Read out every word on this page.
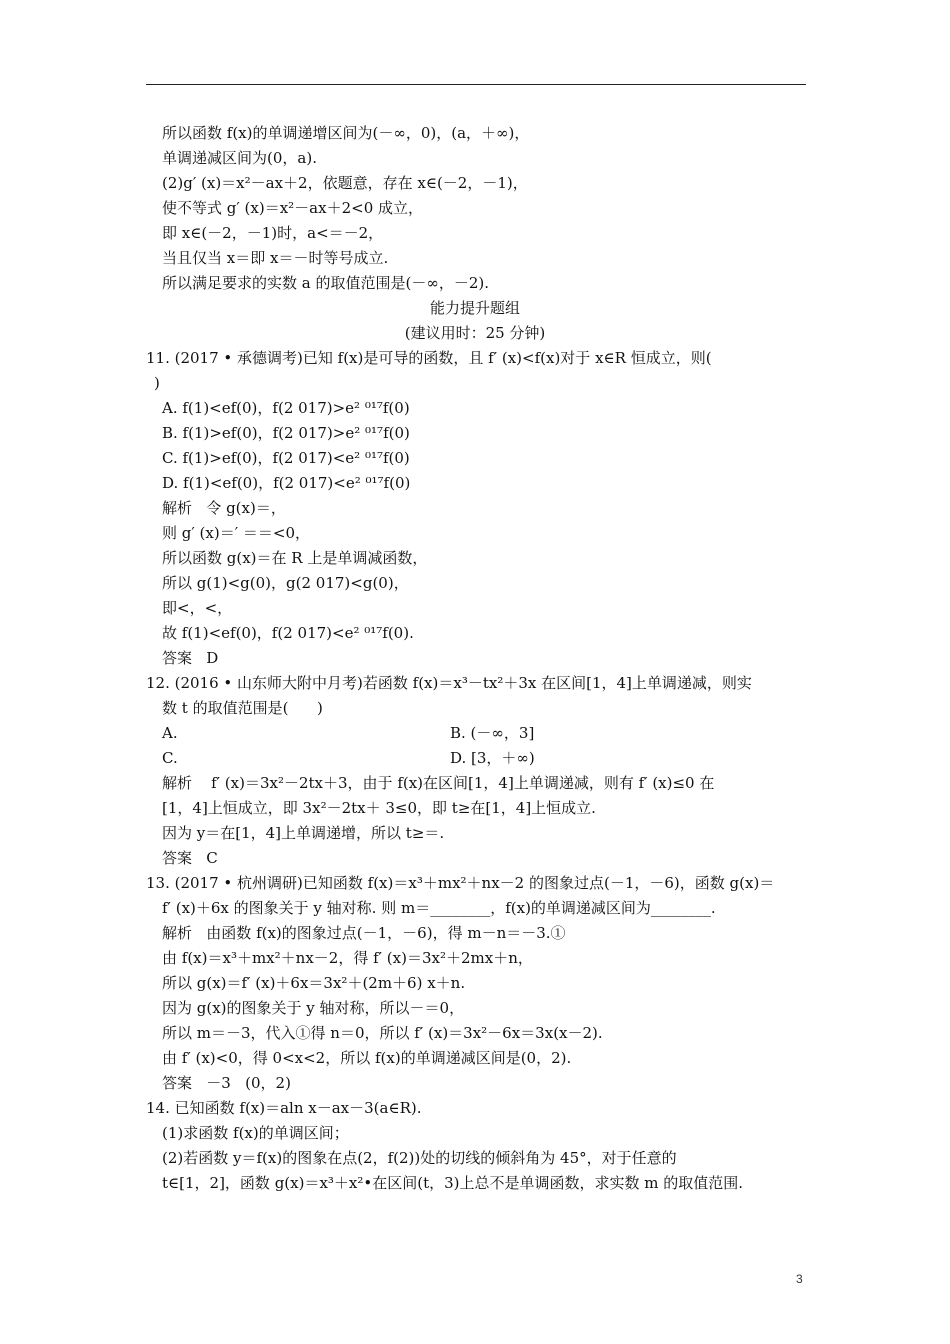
所以函数 f(x)的单调递增区间为(－∞，0)，(a，＋∞)，
单调递减区间为(0，a).
(2)g′ (x)＝x²－ax＋2，依题意，存在 x∈(－2，－1)，
使不等式 g′ (x)＝x²－ax＋2<0 成立，
即 x∈(－2，－1)时，a<＝－2，
当且仅当 x＝即 x＝－时等号成立.
所以满足要求的实数 a 的取值范围是(－∞，－2).
能力提升题组
(建议用时：25 分钟)
11. (2017 • 承德调考)已知 f(x)是可导的函数，且 f′ (x)<f(x)对于 x∈R 恒成立，则(
)
A. f(1)<ef(0)，f(2 017)>e² ⁰¹⁷f(0)
B. f(1)>ef(0)，f(2 017)>e² ⁰¹⁷f(0)
C. f(1)>ef(0)，f(2 017)<e² ⁰¹⁷f(0)
D. f(1)<ef(0)，f(2 017)<e² ⁰¹⁷f(0)
解析   令 g(x)＝，
则 g′ (x)＝′ ＝＝<0，
所以函数 g(x)＝在 R 上是单调减函数，
所以 g(1)<g(0)，g(2 017)<g(0)，
即<，<，
故 f(1)<ef(0)，f(2 017)<e² ⁰¹⁷f(0).
答案   D
12. (2016 • 山东师大附中月考)若函数 f(x)＝x³－tx²＋3x 在区间[1，4]上单调递减，则实
数 t 的取值范围是(      )
A.	B. (－∞，3]
C.	D. [3，＋∞)
解析    f′ (x)＝3x²－2tx＋3，由于 f(x)在区间[1，4]上单调递减，则有 f′ (x)≤0 在
[1，4]上恒成立，即 3x²－2tx＋ 3≤0，即 t≥在[1，4]上恒成立.
因为 y＝在[1，4]上单调递增，所以 t≥＝.
答案   C
13. (2017 • 杭州调研)已知函数 f(x)＝x³＋mx²＋nx－2 的图象过点(－1，－6)，函数 g(x)＝
f′ (x)＋6x 的图象关于 y 轴对称. 则 m＝________，f(x)的单调递减区间为________.
解析   由函数 f(x)的图象过点(－1，－6)，得 m－n＝－3.①
由 f(x)＝x³＋mx²＋nx－2，得 f′ (x)＝3x²＋2mx＋n，
所以 g(x)＝f′ (x)＋6x＝3x²＋(2m＋6) x＋n.
因为 g(x)的图象关于 y 轴对称，所以－＝0，
所以 m＝－3，代入①得 n＝0，所以 f′ (x)＝3x²－6x＝3x(x－2).
由 f′ (x)<0，得 0<x<2，所以 f(x)的单调递减区间是(0，2).
答案   －3   (0，2)
14. 已知函数 f(x)＝aln x－ax－3(a∈R).
(1)求函数 f(x)的单调区间；
(2)若函数 y＝f(x)的图象在点(2，f(2))处的切线的倾斜角为 45°，对于任意的
t∈[1，2]，函数 g(x)＝x³＋x²•在区间(t，3)上总不是单调函数，求实数 m 的取值范围.
3
